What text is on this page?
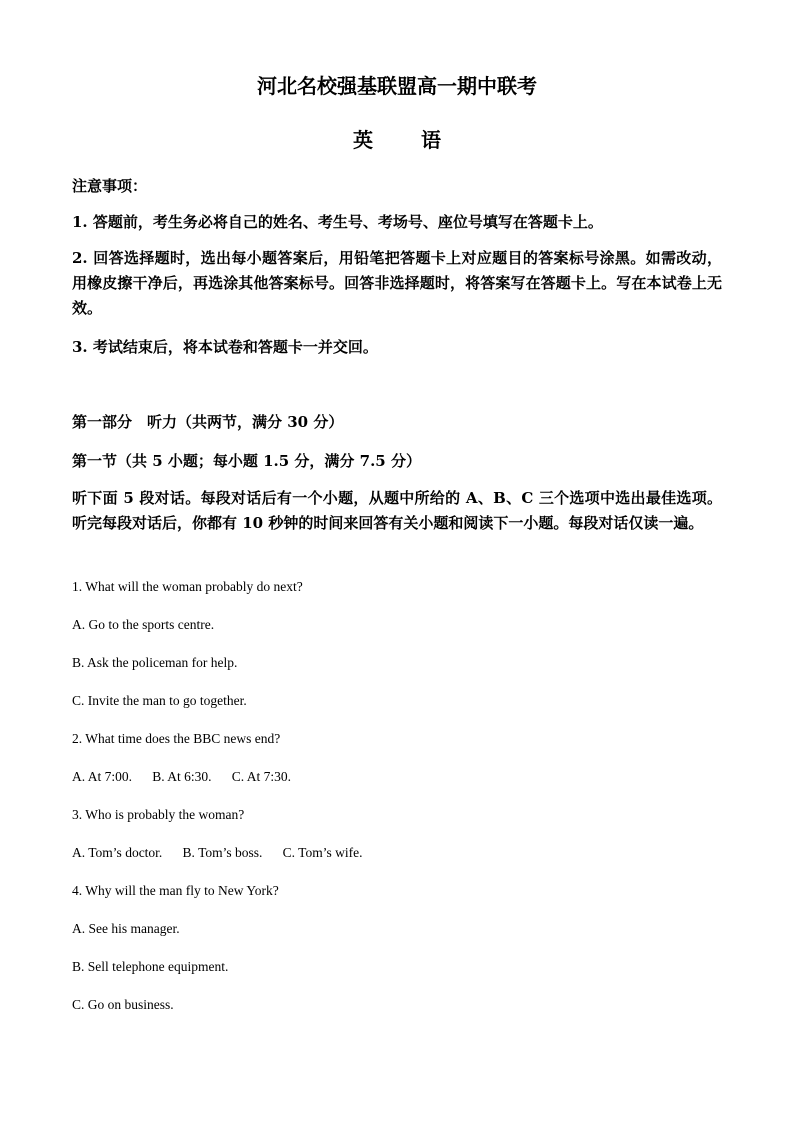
河北名校强基联盟高一期中联考
英　语
注意事项：
1. 答题前，考生务必将自己的姓名、考生号、考场号、座位号填写在答题卡上。
2. 回答选择题时，选出每小题答案后，用铅笔把答题卡上对应题目的答案标号涂黑。如需改动，用橡皮擦干净后，再选涂其他答案标号。回答非选择题时，将答案写在答题卡上。写在本试卷上无效。
3. 考试结束后，将本试卷和答题卡一并交回。
第一部分　听力（共两节，满分 30 分）
第一节（共 5 小题；每小题 1.5 分，满分 7.5 分）
听下面 5 段对话。每段对话后有一个小题，从题中所给的 A、B、C 三个选项中选出最佳选项。听完每段对话后，你都有 10 秒钟的时间来回答有关小题和阅读下一小题。每段对话仅读一遍。
1. What will the woman probably do next?
A. Go to the sports centre.
B. Ask the policeman for help.
C. Invite the man to go together.
2. What time does the BBC news end?
A. At 7:00.      B. At 6:30.      C. At 7:30.
3. Who is probably the woman?
A. Tom’s doctor.      B. Tom’s boss.      C. Tom’s wife.
4. Why will the man fly to New York?
A. See his manager.
B. Sell telephone equipment.
C. Go on business.
